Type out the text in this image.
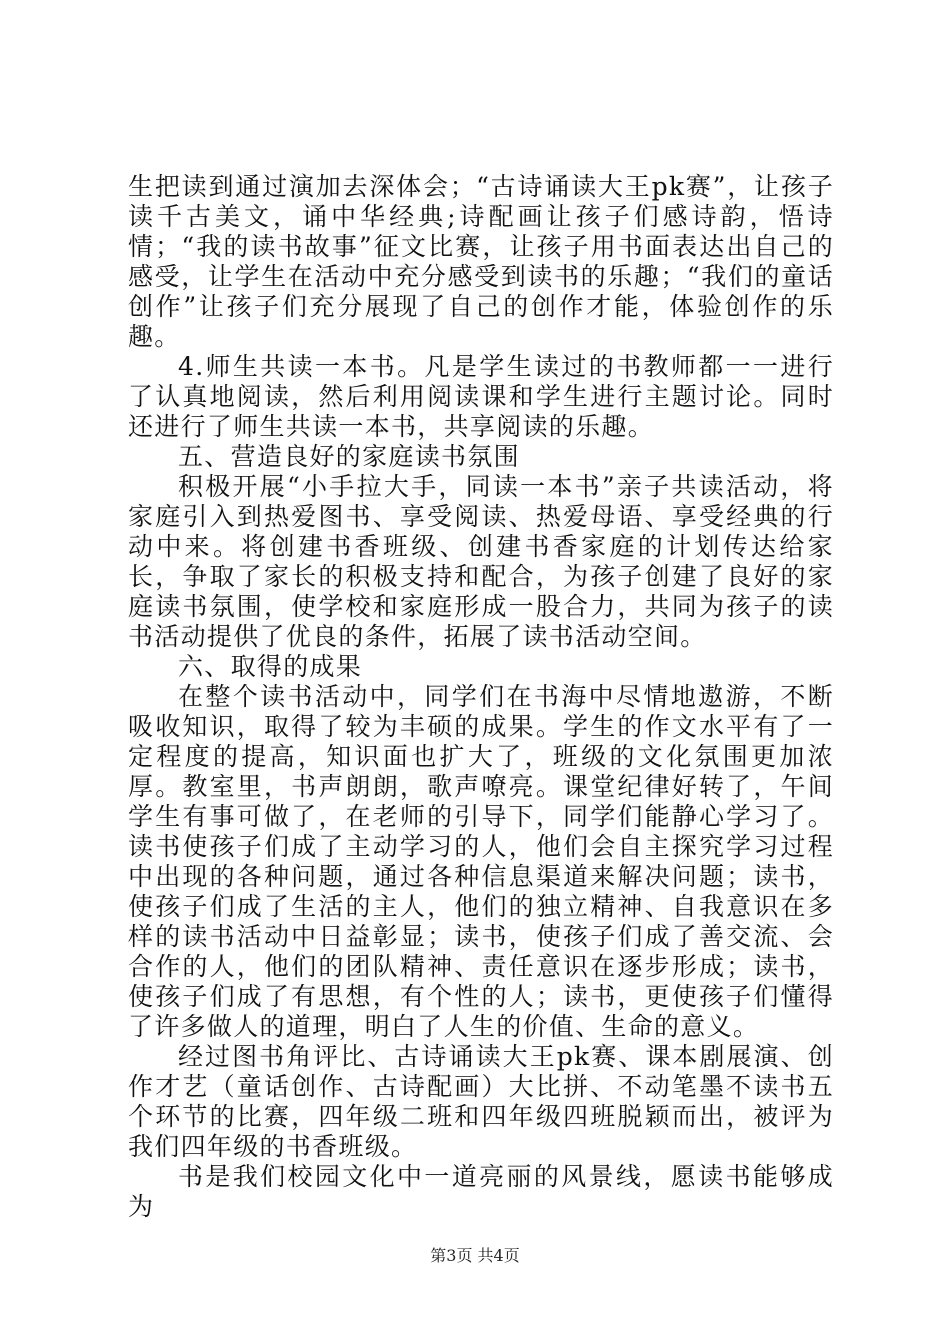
生把读到通过演加去深体会；“古诗诵读大王pk赛”，让孩子读千古美文，诵中华经典;诗配画让孩子们感诗韵，悟诗情；“我的读书故事”征文比赛，让孩子用书面表达出自己的感受，让学生在活动中充分感受到读书的乐趣；“我们的童话创作”让孩子们充分展现了自己的创作才能，体验创作的乐趣。

4.师生共读一本书。凡是学生读过的书教师都一一进行了认真地阅读，然后利用阅读课和学生进行主题讨论。同时还进行了师生共读一本书，共享阅读的乐趣。

五、营造良好的家庭读书氛围

积极开展“小手拉大手，同读一本书”亲子共读活动，将家庭引入到热爱图书、享受阅读、热爱母语、享受经典的行动中来。将创建书香班级、创建书香家庭的计划传达给家长，争取了家长的积极支持和配合，为孩子创建了良好的家庭读书氛围，使学校和家庭形成一股合力，共同为孩子的读书活动提供了优良的条件，拓展了读书活动空间。

六、取得的成果

在整个读书活动中，同学们在书海中尽情地遨游，不断吸收知识，取得了较为丰硕的成果。学生的作文水平有了一定程度的提高，知识面也扩大了，班级的文化氛围更加浓厚。教室里，书声朗朗，歌声嘹亮。课堂纪律好转了，午间学生有事可做了，在老师的引导下，同学们能静心学习了。读书使孩子们成了主动学习的人，他们会自主探究学习过程中出现的各种问题，通过各种信息渠道来解决问题；读书，使孩子们成了生活的主人，他们的独立精神、自我意识在多样的读书活动中日益彰显；读书，使孩子们成了善交流、会合作的人，他们的团队精神、责任意识在逐步形成；读书，使孩子们成了有思想，有个性的人；读书，更使孩子们懂得了许多做人的道理，明白了人生的价值、生命的意义。

经过图书角评比、古诗诵读大王pk赛、课本剧展演、创作才艺（童话创作、古诗配画）大比拼、不动笔墨不读书五个环节的比赛，四年级二班和四年级四班脱颖而出，被评为我们四年级的书香班级。

书是我们校园文化中一道亮丽的风景线，愿读书能够成为

第3页 共4页
